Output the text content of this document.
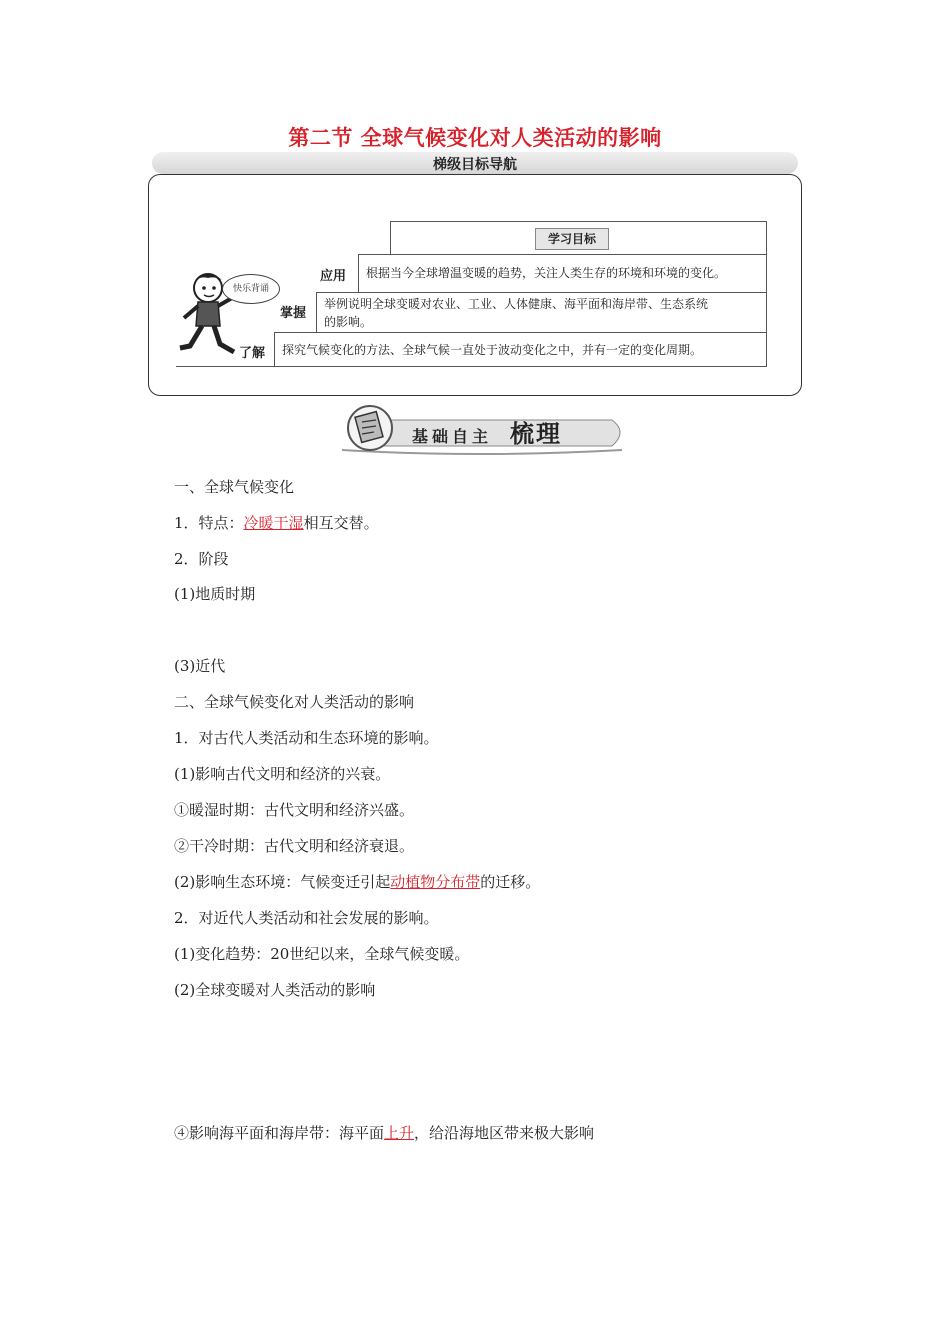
第二节 全球气候变化对人类活动的影响
梯级目标导航
快乐背诵
学习目标
应用 根据当今全球增温变暖的趋势，关注人类生存的环境和环境的变化。
掌握
举例说明全球变暖对农业、工业、人体健康、海平面和海岸带、生态系统
的影响。
了解 探究气候变化的方法、全球气候一直处于波动变化之中，并有一定的变化周期。
基础自主 梳理
一、全球气候变化
1．特点：冷暖干湿相互交替。
2．阶段
(1)地质时期
(3)近代
二、全球气候变化对人类活动的影响
1．对古代人类活动和生态环境的影响。
(1)影响古代文明和经济的兴衰。
①暖湿时期：古代文明和经济兴盛。
②干冷时期：古代文明和经济衰退。
(2)影响生态环境：气候变迁引起动植物分布带的迁移。
2．对近代人类活动和社会发展的影响。
(1)变化趋势：20世纪以来，全球气候变暖。
(2)全球变暖对人类活动的影响
④影响海平面和海岸带：海平面上升，给沿海地区带来极大影响
